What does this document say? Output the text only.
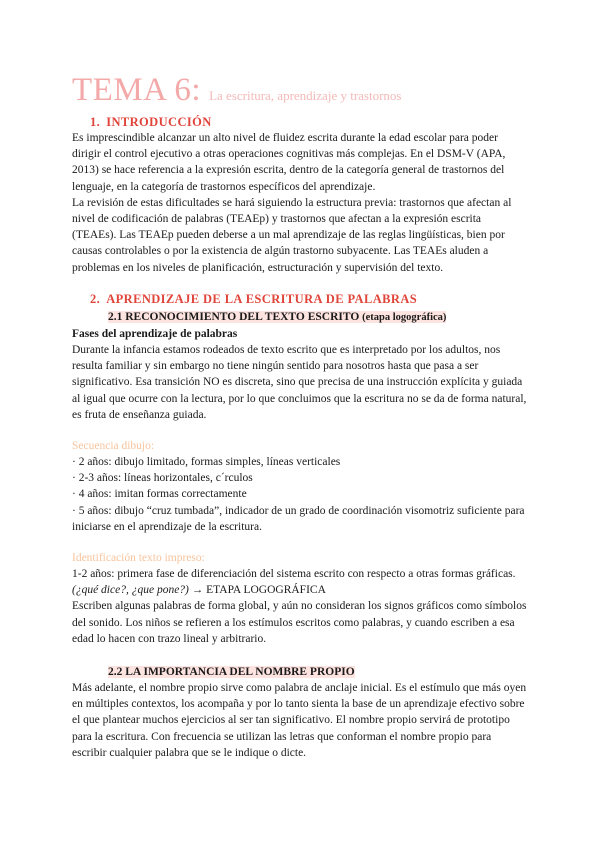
TEMA 6: La escritura, aprendizaje y trastornos
1. INTRODUCCIÓN

Es imprescindible alcanzar un alto nivel de fluidez escrita durante la edad escolar para poder dirigir el control ejecutivo a otras operaciones cognitivas más complejas. En el DSM-V (APA, 2013) se hace referencia a la expresión escrita, dentro de la categoría general de trastornos del lenguaje, en la categoría de trastornos específicos del aprendizaje.

La revisión de estas dificultades se hará siguiendo la estructura previa: trastornos que afectan al nivel de codificación de palabras (TEAEp) y trastornos que afectan a la expresión escrita (TEAEs). Las TEAEp pueden deberse a un mal aprendizaje de las reglas lingüísticas, bien por causas controlables o por la existencia de algún trastorno subyacente. Las TEAEs aluden a problemas en los niveles de planificación, estructuración y supervisión del texto.

2. APRENDIZAJE DE LA ESCRITURA DE PALABRAS
2.1 RECONOCIMIENTO DEL TEXTO ESCRITO (etapa logográfica)

Fases del aprendizaje de palabras

Durante la infancia estamos rodeados de texto escrito que es interpretado por los adultos, nos resulta familiar y sin embargo no tiene ningún sentido para nosotros hasta que pasa a ser significativo. Esa transición NO es discreta, sino que precisa de una instrucción explícita y guiada al igual que ocurre con la lectura, por lo que concluimos que la escritura no se da de forma natural, es fruta de enseñanza guiada.

Secuencia dibujo:
· 2 años: dibujo limitado, formas simples, líneas verticales
· 2-3 años: líneas horizontales, c´rculos
· 4 años: imitan formas correctamente
· 5 años: dibujo “cruz tumbada”, indicador de un grado de coordinación visomotriz suficiente para iniciarse en el aprendizaje de la escritura.
Identificación texto impreso:

1-2 años: primera fase de diferenciación del sistema escrito con respecto a otras formas gráficas. (¿qué dice?, ¿que pone?) → ETAPA LOGOGRÁFICA

Escriben algunas palabras de forma global, y aún no consideran los signos gráficos como símbolos del sonido. Los niños se refieren a los estímulos escritos como palabras, y cuando escriben a esa edad lo hacen con trazo lineal y arbitrario.

2.2 LA IMPORTANCIA DEL NOMBRE PROPIO

Más adelante, el nombre propio sirve como palabra de anclaje inicial. Es el estímulo que más oyen en múltiples contextos, los acompaña y por lo tanto sienta la base de un aprendizaje efectivo sobre el que plantear muchos ejercicios al ser tan significativo. El nombre propio servirá de prototipo para la escritura. Con frecuencia se utilizan las letras que conforman el nombre propio para escribir cualquier palabra que se le indique o dicte.
